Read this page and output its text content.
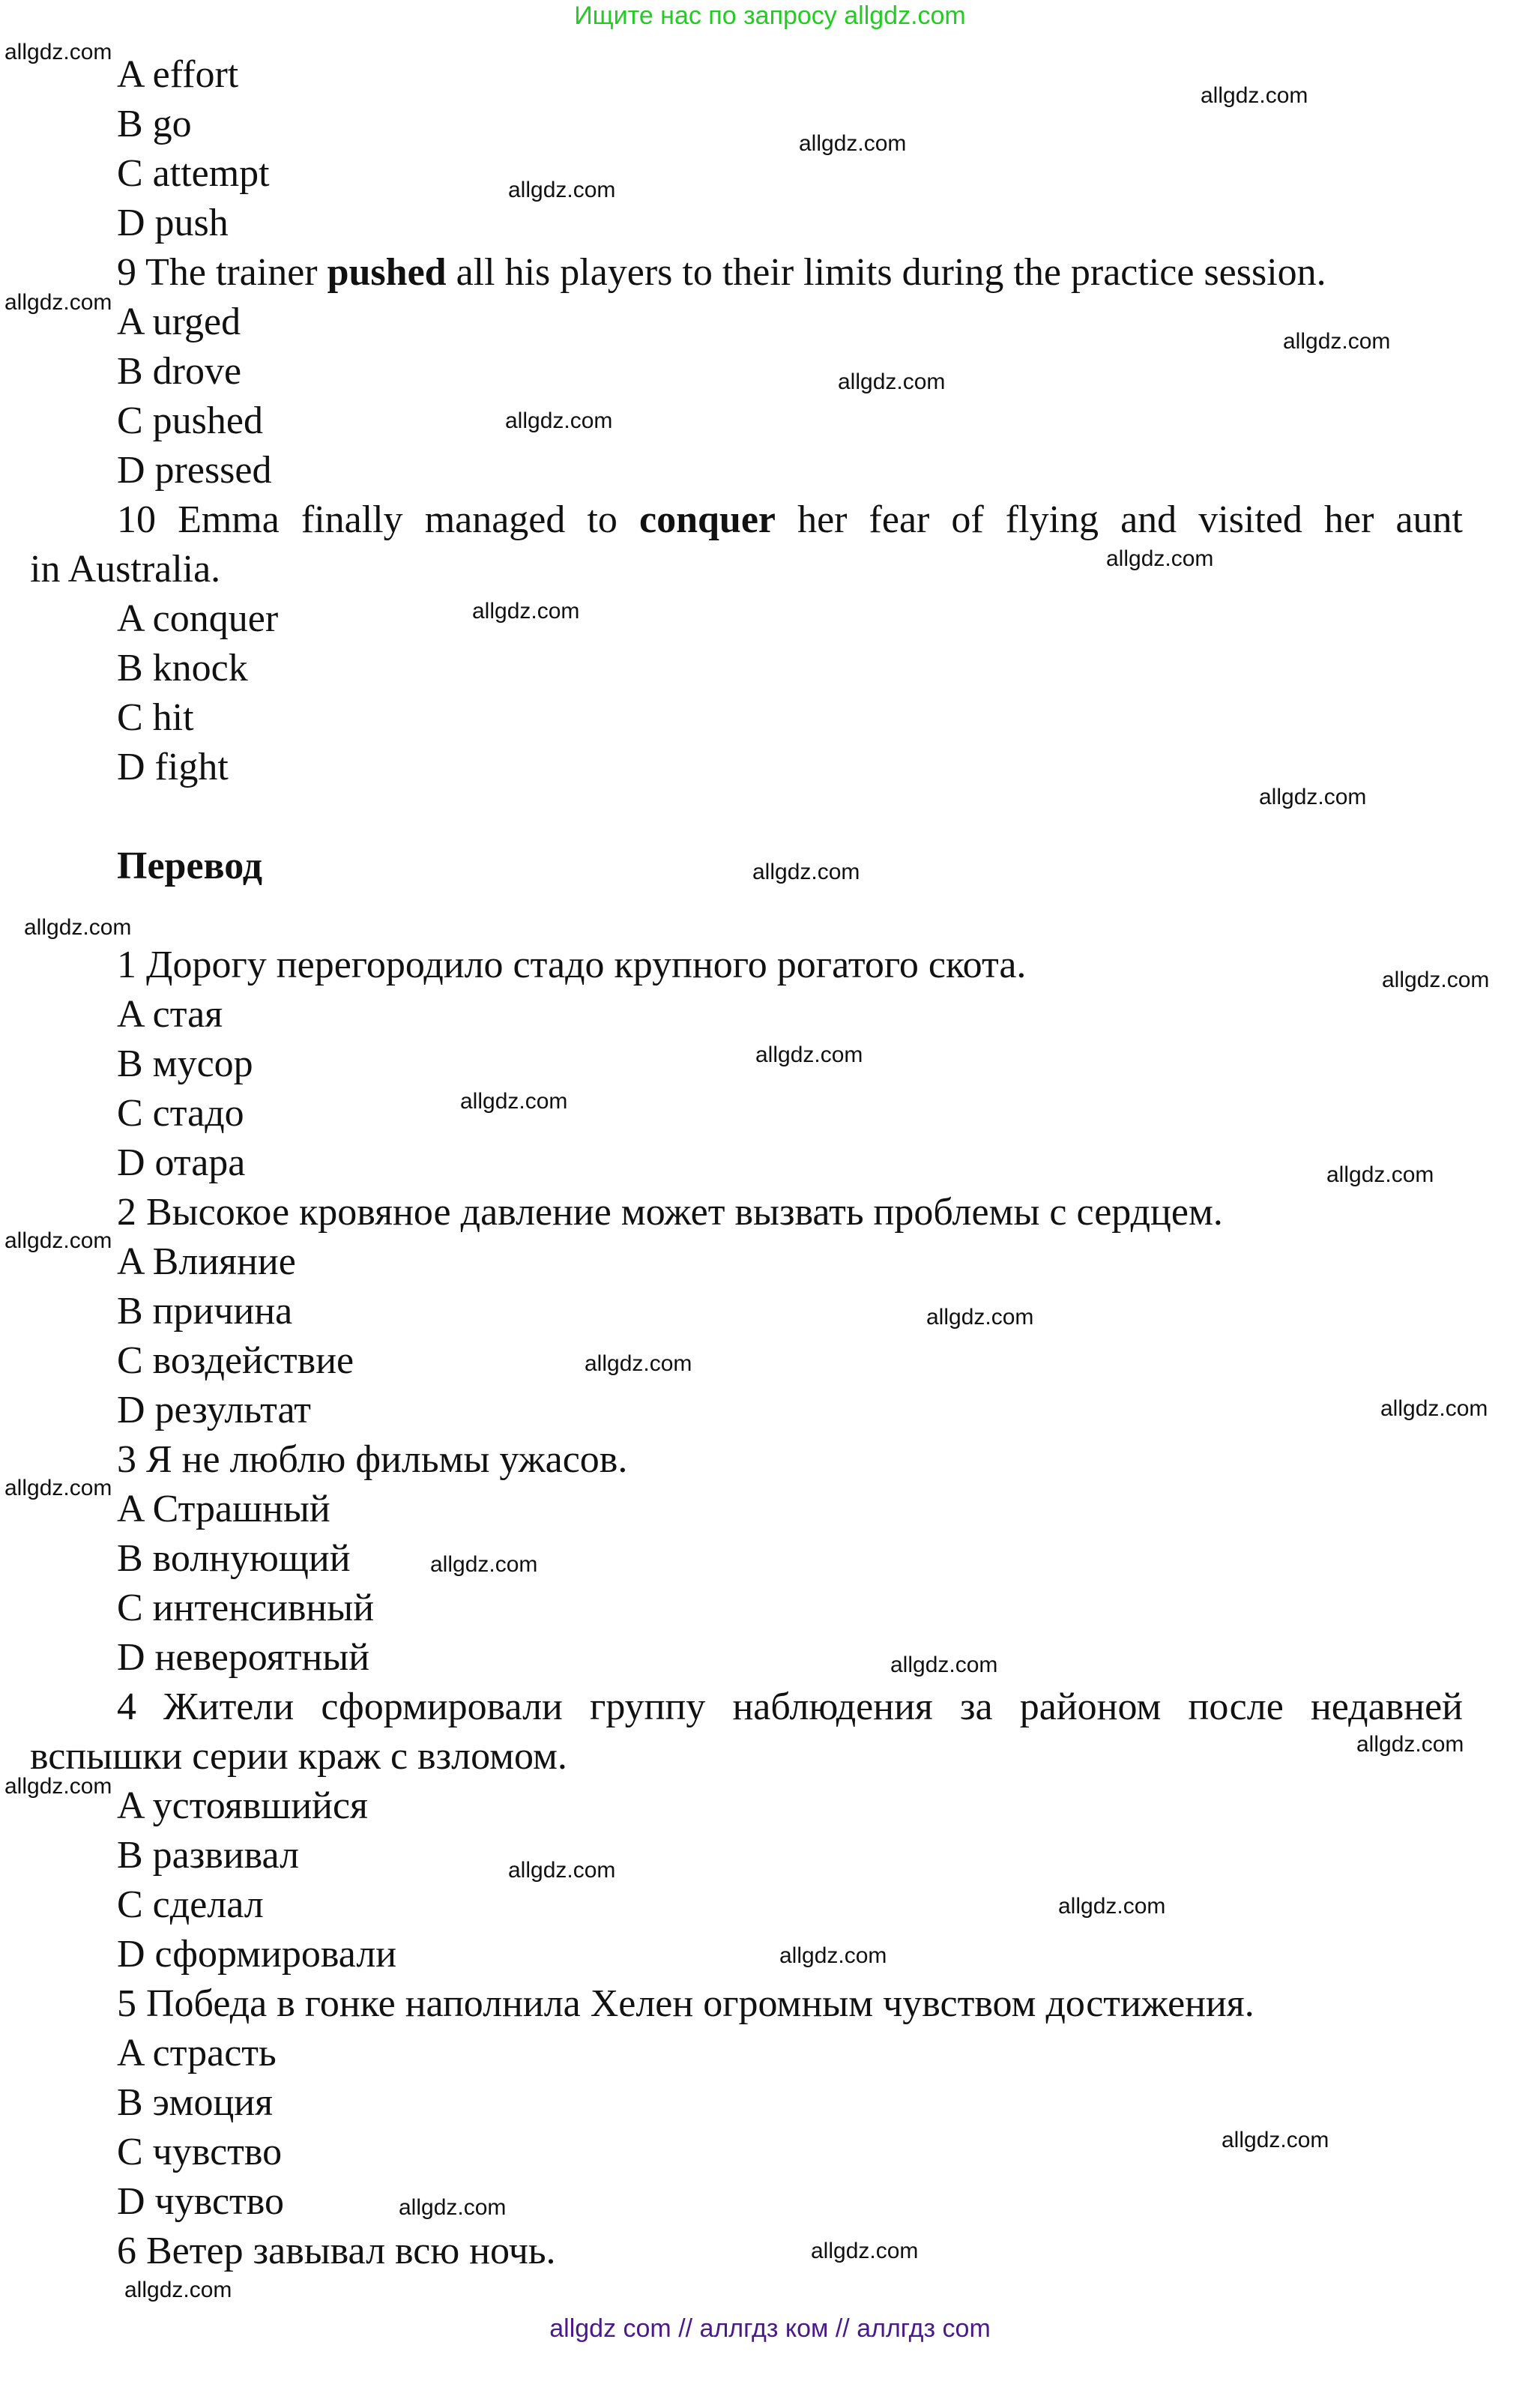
Ищите нас по запросу allgdz.com
A effort
B go
C attempt
D push
9 The trainer pushed all his players to their limits during the practice session.
A urged
B drove
C pushed
D pressed
10 Emma finally managed to conquer her fear of flying and visited her aunt
in Australia.
A conquer
B knock
C hit
D fight
Перевод
1 Дорогу перегородило стадо крупного рогатого скота.
A стая
B мусор
C стадо
D отара
2 Высокое кровяное давление может вызвать проблемы с сердцем.
A Влияние
B причина
C воздействие
D результат
3 Я не люблю фильмы ужасов.
A Страшный
B волнующий
C интенсивный
D невероятный
4 Жители сформировали группу наблюдения за районом после недавней
вспышки серии краж с взломом.
A устоявшийся
B развивал
C сделал
D сформировали
5 Победа в гонке наполнила Хелен огромным чувством достижения.
A страсть
B эмоция
C чувство
D чувство
6 Ветер завывал всю ночь.
allgdz.com
allgdz.com
allgdz.com
allgdz.com
allgdz.com
allgdz.com
allgdz.com
allgdz.com
allgdz.com
allgdz.com
allgdz.com
allgdz.com
allgdz.com
allgdz.com
allgdz.com
allgdz.com
allgdz.com
allgdz.com
allgdz.com
allgdz.com
allgdz.com
allgdz.com
allgdz.com
allgdz.com
allgdz.com
allgdz.com
allgdz.com
allgdz.com
allgdz.com
allgdz.com
allgdz.com
allgdz.com
allgdz.com
allgdz com // аллгдз ком // аллгдз com
